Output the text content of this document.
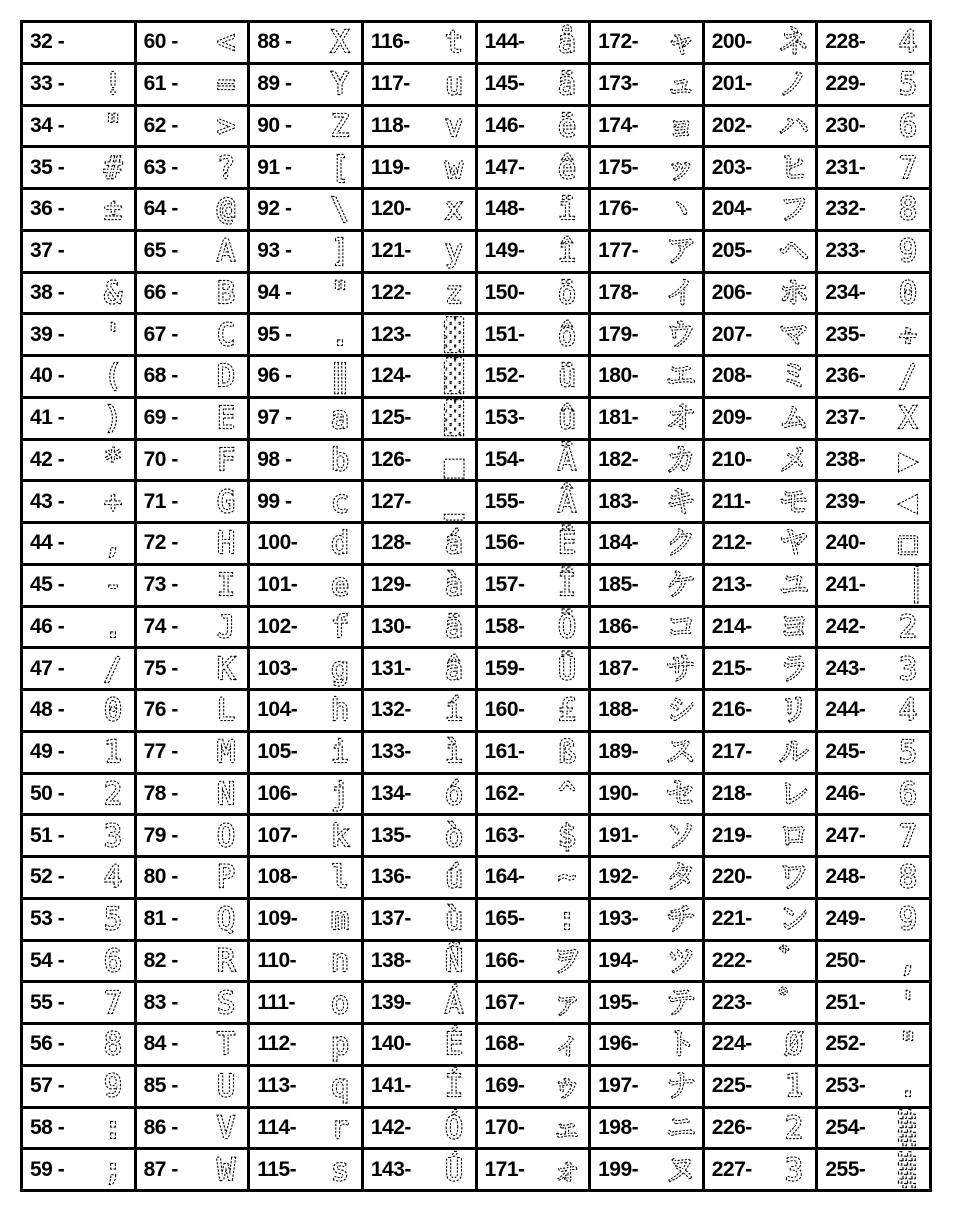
32 -	60 - < 88 - X 116- t 144- å 172- ャ 200- ネ 228- 4
33 - ! 61 - = 89 - Y 117- u 145- ä 173- ュ 201- ノ 229- 5
34 - " 62 - > 90 - Z 118- v 146- ë 174- ョ 202- ハ 230- 6
35 - # 63 - ? 91 - [ 119- w 147- ê 175- ッ 203- ヒ 231- 7
36 - ± 64 - @ 92 - \ 120- x 148- ï 176- ヽ 204- フ 232- 8
37 -	65 - A 93 - ] 121- y 149- î 177- ア 205- ヘ 233- 9
38 - & 66 - B 94 - " 122- z 150- ö 178- イ 206- ホ 234- 0
39 - ' 67 - C 95 - . 123- ▓ 151- ô 179- ウ 207- マ 235- ÷
40 - ( 68 - D 96 - ‖ 124- ▓ 152- ü 180- エ 208- ミ 236- /
41 - ) 69 - E 97 - a 125- ▓ 153- û 181- オ 209- ム 237- X
42 - * 70 - F 98 - b 126- ▄ 154- Ä 182- カ 210- メ 238- ▶
43 - + 71 - G 99 - c 127- ▁ 155- Â 183- キ 211- モ 239- ◀
44 - , 72 - H 100- d 128- á 156- Ë 184- ク 212- ヤ 240- □
45 - - 73 - I 101- e 129- à 157- Ï 185- ケ 213- ユ 241- ▕
46 - . 74 - J 102- f 130- ä 158- Ö 186- コ 214- ヨ 242- 2
47 - / 75 - K 103- g 131- â 159- Ü 187- サ 215- ラ 243- 3
48 - 0 76 - L 104- h 132- í 160- £ 188- シ 216- リ 244- 4
49 - 1 77 - M 105- i 133- ì 161- ß 189- ス 217- ル 245- 5
50 - 2 78 - N 106- j 134- ó 162- ^ 190- セ 218- レ 246- 6
51 - 3 79 - O 107- k 135- ò 163- $ 191- ソ 219- ロ 247- 7
52 - 4 80 - P 108- l 136- ú 164- ~ 192- タ 220- ワ 248- 8
53 - 5 81 - Q 109- m 137- ù 165- : 193- チ 221- ン 249- 9
54 - 6 82 - R 110- n 138- Ñ 166- ヲ 194- ツ 222- ゛ 250- ,
55 - 7 83 - S 111- o 139- Á 167- ァ 195- テ 223- ゜ 251- '
56 - 8 84 - T 112- p 140- É 168- ィ 196- ト 224- Ø 252- "
57 - 9 85 - U 113- q 141- Í 169- ゥ 197- ナ 225- 1 253- .
58 - : 86 - V 114- r 142- Ó 170- ェ 198- ニ 226- 2 254- ░
59 - ; 87 - W 115- s 143- Ú 171- ォ 199- ヌ 227- 3 255- ░
